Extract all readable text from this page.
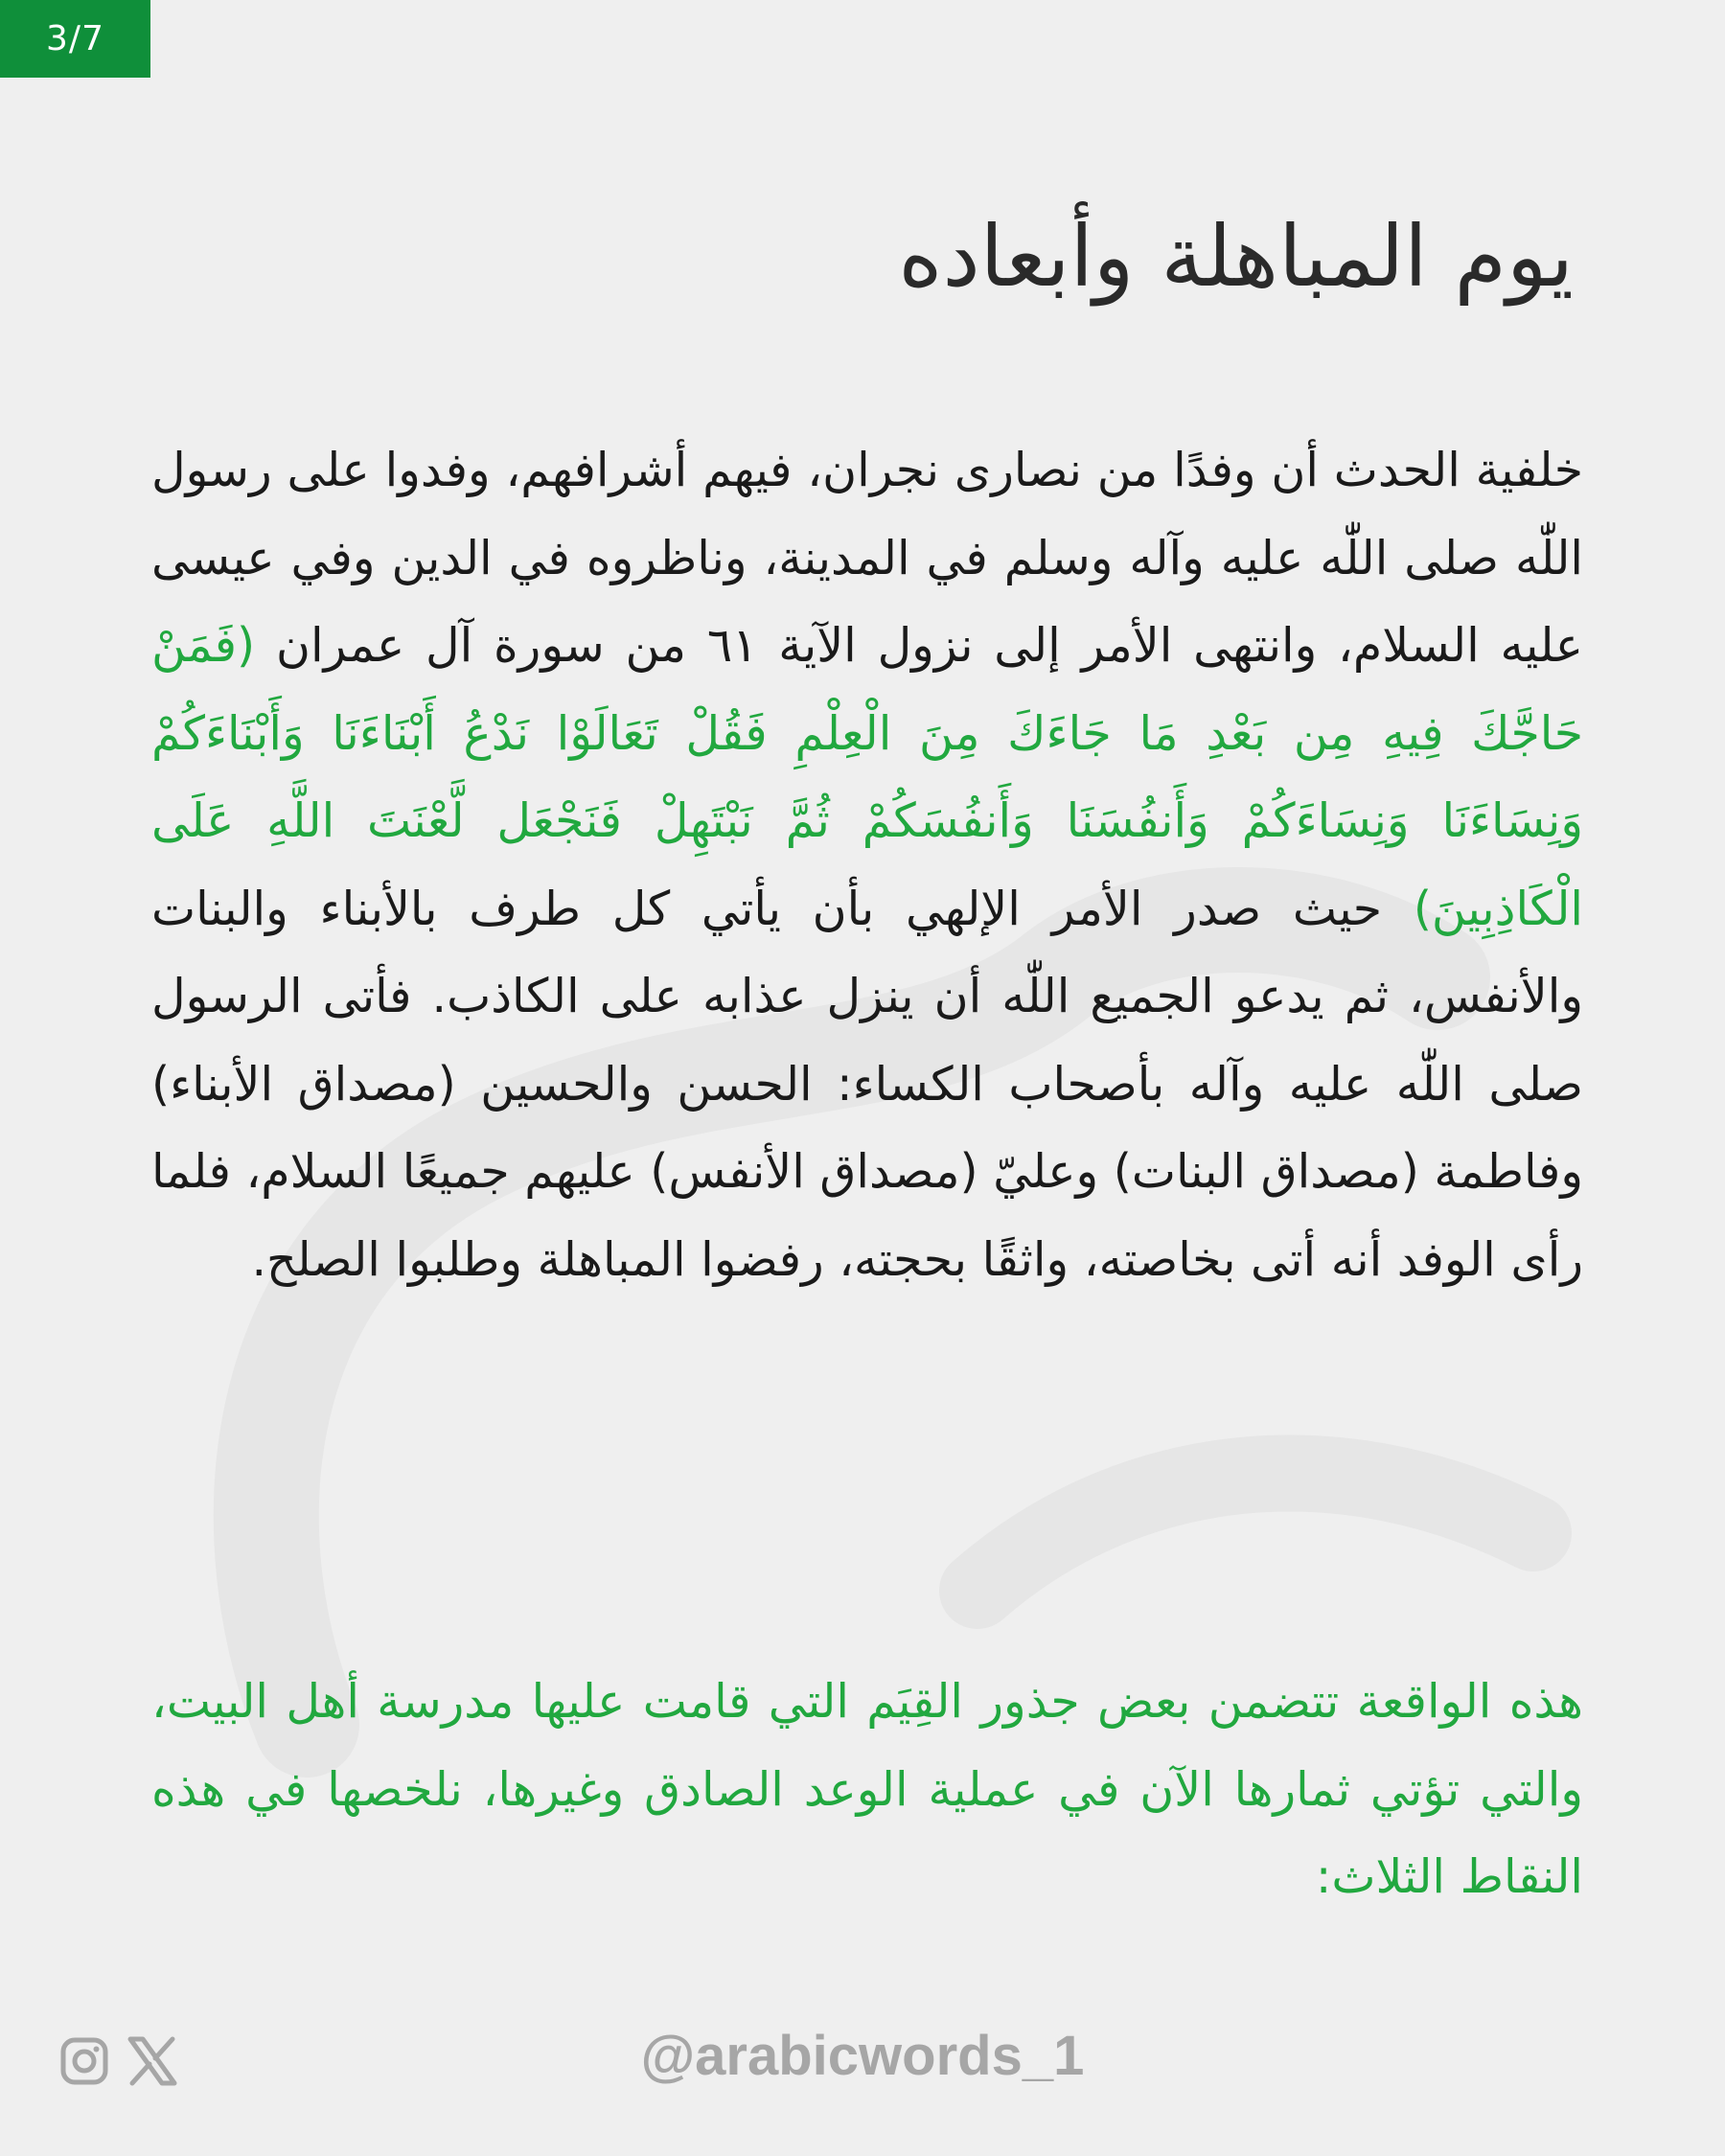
3/7
يوم المباهلة وأبعاده

خلفية الحدث أن وفدًا من نصارى نجران، فيهم أشرافهم، وفدوا على رسول اللّٰه صلى اللّٰه عليه وآله وسلم في المدينة، وناظروه في الدين وفي عيسى عليه السلام، وانتهى الأمر إلى نزول الآية ٦١ من سورة آل عمران (فَمَنْ حَاجَّكَ فِيهِ مِن بَعْدِ مَا جَاءَكَ مِنَ الْعِلْمِ فَقُلْ تَعَالَوْا نَدْعُ أَبْنَاءَنَا وَأَبْنَاءَكُمْ وَنِسَاءَنَا وَنِسَاءَكُمْ وَأَنفُسَنَا وَأَنفُسَكُمْ ثُمَّ نَبْتَهِلْ فَنَجْعَل لَّعْنَتَ اللَّهِ عَلَى الْكَاذِبِينَ) حيث صدر الأمر الإلهي بأن يأتي كل طرف بالأبناء والبنات والأنفس، ثم يدعو الجميع اللّٰه أن ينزل عذابه على الكاذب. فأتى الرسول صلى اللّٰه عليه وآله بأصحاب الكساء: الحسن والحسين (مصداق الأبناء) وفاطمة (مصداق البنات) وعليّ (مصداق الأنفس) عليهم جميعًا السلام، فلما رأى الوفد أنه أتى بخاصته، واثقًا بحجته، رفضوا المباهلة وطلبوا الصلح.

هذه الواقعة تتضمن بعض جذور القِيَم التي قامت عليها مدرسة أهل البيت، والتي تؤتي ثمارها الآن في عملية الوعد الصادق وغيرها، نلخصها في هذه النقاط الثلاث:

@arabicwords_1
